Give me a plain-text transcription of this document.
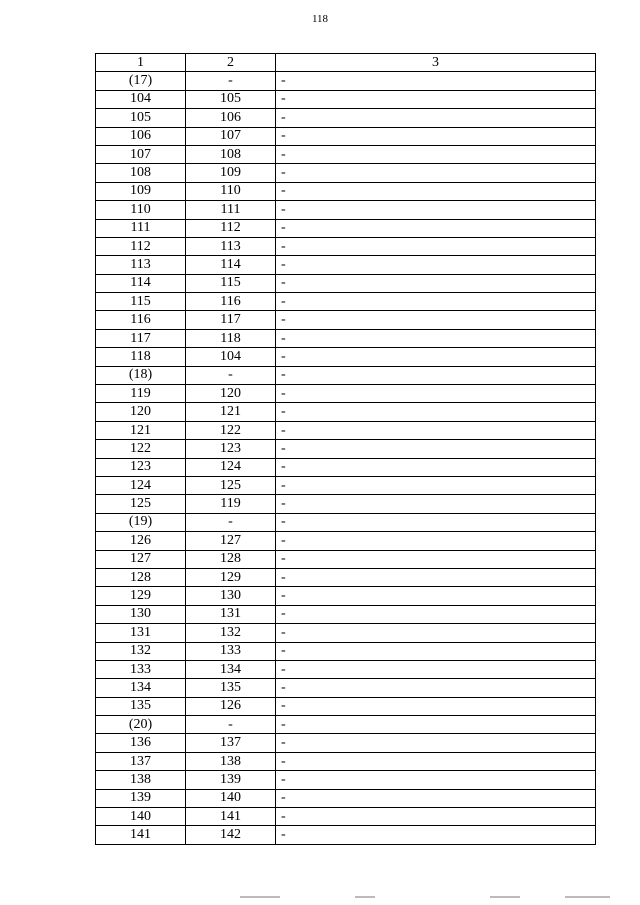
118
1	2	3
(17)	-	-
104	105	-
105	106	-
106	107	-
107	108	-
108	109	-
109	110	-
110	111	-
111	112	-
112	113	-
113	114	-
114	115	-
115	116	-
116	117	-
117	118	-
118	104	-
(18)	-	-
119	120	-
120	121	-
121	122	-
122	123	-
123	124	-
124	125	-
125	119	-
(19)	-	-
126	127	-
127	128	-
128	129	-
129	130	-
130	131	-
131	132	-
132	133	-
133	134	-
134	135	-
135	126	-
(20)	-	-
136	137	-
137	138	-
138	139	-
139	140	-
140	141	-
141	142	-
